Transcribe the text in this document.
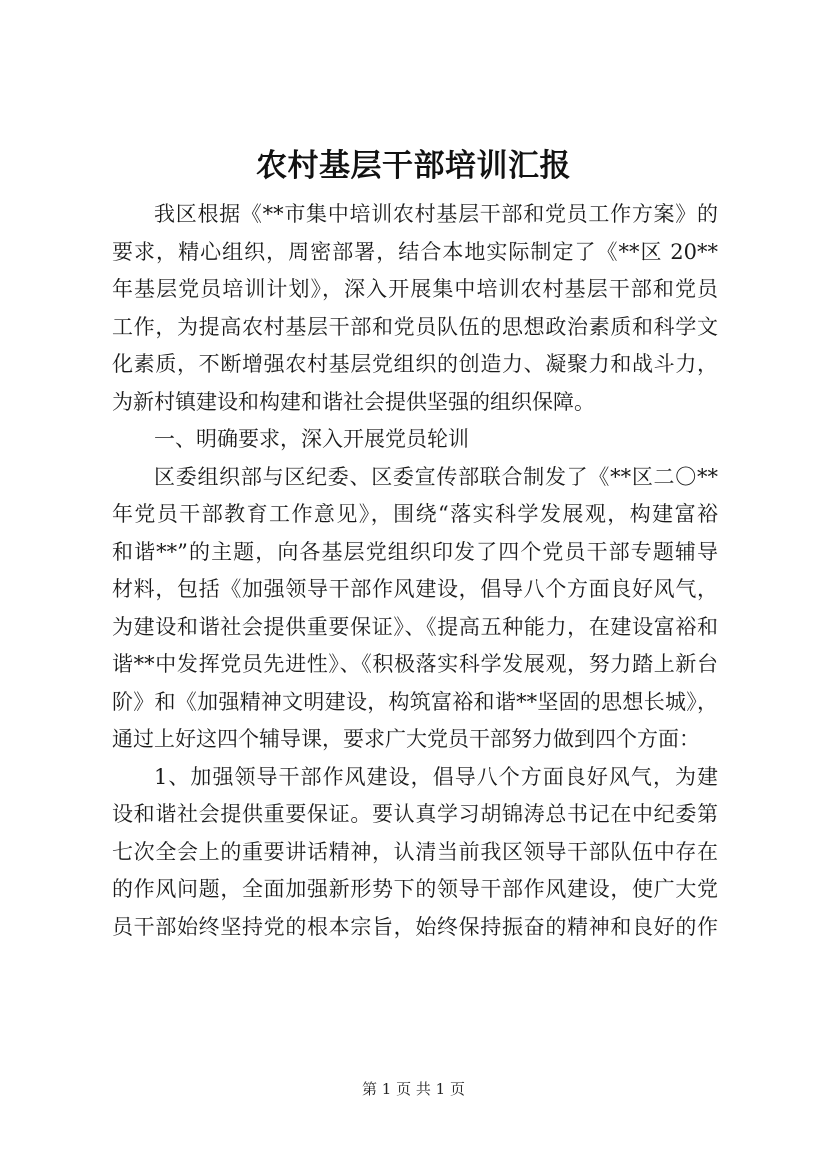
农村基层干部培训汇报
我区根据《**市集中培训农村基层干部和党员工作方案》的
要求，精心组织，周密部署，结合本地实际制定了《**区 20**
年基层党员培训计划》，深入开展集中培训农村基层干部和党员
工作，为提高农村基层干部和党员队伍的思想政治素质和科学文
化素质，不断增强农村基层党组织的创造力、凝聚力和战斗力，
为新村镇建设和构建和谐社会提供坚强的组织保障。
一、明确要求，深入开展党员轮训
区委组织部与区纪委、区委宣传部联合制发了《**区二〇**
年党员干部教育工作意见》，围绕“落实科学发展观，构建富裕
和谐**”的主题，向各基层党组织印发了四个党员干部专题辅导
材料，包括《加强领导干部作风建设，倡导八个方面良好风气，
为建设和谐社会提供重要保证》、《提高五种能力，在建设富裕和
谐**中发挥党员先进性》、《积极落实科学发展观，努力踏上新台
阶》和《加强精神文明建设，构筑富裕和谐**坚固的思想长城》，
通过上好这四个辅导课，要求广大党员干部努力做到四个方面：
1、加强领导干部作风建设，倡导八个方面良好风气，为建
设和谐社会提供重要保证。要认真学习胡锦涛总书记在中纪委第
七次全会上的重要讲话精神，认清当前我区领导干部队伍中存在
的作风问题，全面加强新形势下的领导干部作风建设，使广大党
员干部始终坚持党的根本宗旨，始终保持振奋的精神和良好的作
第 1 页 共 1 页
